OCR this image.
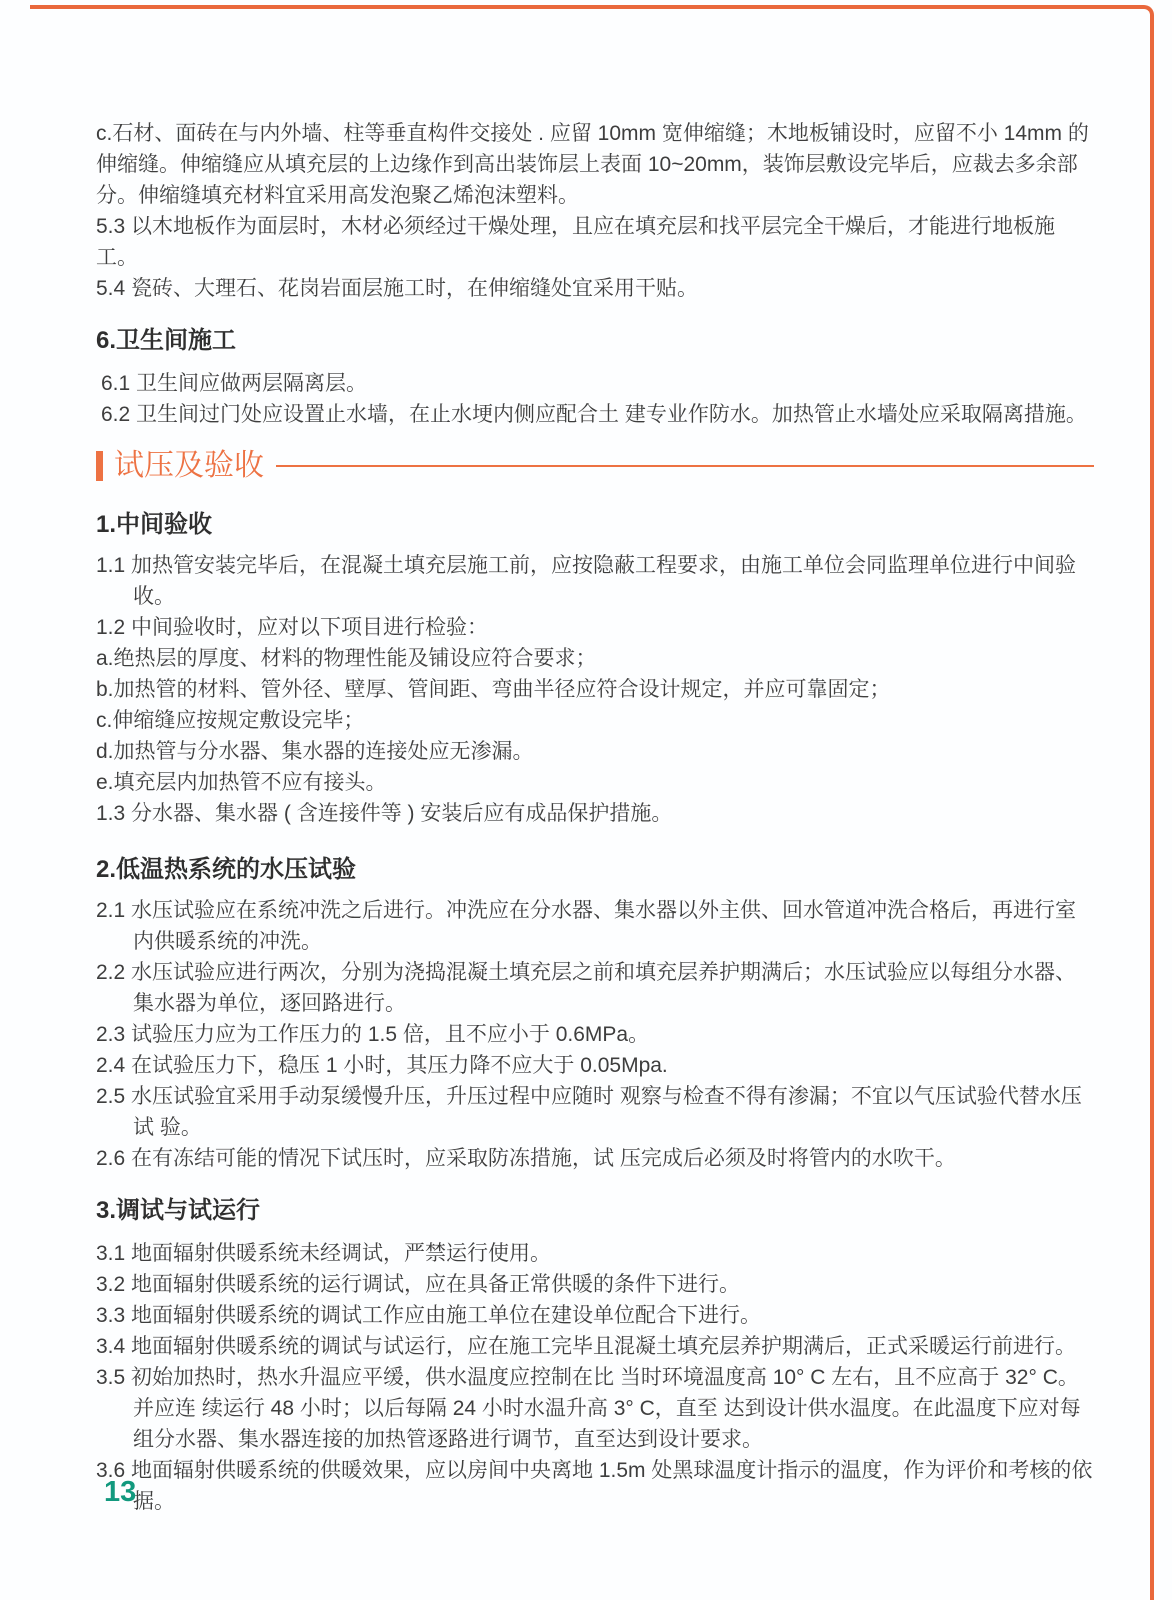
c.石材、面砖在与内外墙、柱等垂直构件交接处 . 应留 10mm 宽伸缩缝；木地板铺设时，应留不小 14mm 的伸缩缝。伸缩缝应从填充层的上边缘作到高出装饰层上表面 10~20mm，装饰层敷设完毕后，应裁去多余部分。伸缩缝填充材料宜采用高发泡聚乙烯泡沫塑料。

5.3 以木地板作为面层时，木材必须经过干燥处理，且应在填充层和找平层完全干燥后，才能进行地板施工。

5.4 瓷砖、大理石、花岗岩面层施工时，在伸缩缝处宜采用干贴。

6.卫生间施工

6.1 卫生间应做两层隔离层。

6.2 卫生间过门处应设置止水墙，在止水埂内侧应配合土 建专业作防水。加热管止水墙处应采取隔离措施。

试压及验收
1.中间验收

1.1 加热管安装完毕后，在混凝土填充层施工前，应按隐蔽工程要求，由施工单位会同监理单位进行中间验收。

1.2 中间验收时，应对以下项目进行检验：

a.绝热层的厚度、材料的物理性能及铺设应符合要求；

b.加热管的材料、管外径、壁厚、管间距、弯曲半径应符合设计规定，并应可靠固定；

c.伸缩缝应按规定敷设完毕；

d.加热管与分水器、集水器的连接处应无渗漏。

e.填充层内加热管不应有接头。

1.3 分水器、集水器 ( 含连接件等 ) 安装后应有成品保护措施。

2.低温热系统的水压试验

2.1 水压试验应在系统冲洗之后进行。冲洗应在分水器、集水器以外主供、回水管道冲洗合格后，再进行室内供暖系统的冲洗。

2.2 水压试验应进行两次，分别为浇捣混凝土填充层之前和填充层养护期满后；水压试验应以每组分水器、集水器为单位，逐回路进行。

2.3 试验压力应为工作压力的 1.5 倍，且不应小于 0.6MPa。

2.4 在试验压力下，稳压 1 小时，其压力降不应大于 0.05Mpa.

2.5 水压试验宜采用手动泵缓慢升压，升压过程中应随时 观察与检查不得有渗漏；不宜以气压试验代替水压试 验。

2.6 在有冻结可能的情况下试压时，应采取防冻措施，试 压完成后必须及时将管内的水吹干。

3.调试与试运行

3.1 地面辐射供暖系统未经调试，严禁运行使用。

3.2 地面辐射供暖系统的运行调试，应在具备正常供暖的条件下进行。

3.3 地面辐射供暖系统的调试工作应由施工单位在建设单位配合下进行。

3.4 地面辐射供暖系统的调试与试运行，应在施工完毕且混凝土填充层养护期满后，正式采暖运行前进行。

3.5 初始加热时，热水升温应平缓，供水温度应控制在比 当时环境温度高 10° C 左右，且不应高于 32° C。并应连 续运行 48 小时；以后每隔 24 小时水温升高 3° C，直至 达到设计供水温度。在此温度下应对每组分水器、集水器连接的加热管逐路进行调节，直至达到设计要求。

3.6 地面辐射供暖系统的供暖效果，应以房间中央离地 1.5m 处黑球温度计指示的温度，作为评价和考核的依据。

13
